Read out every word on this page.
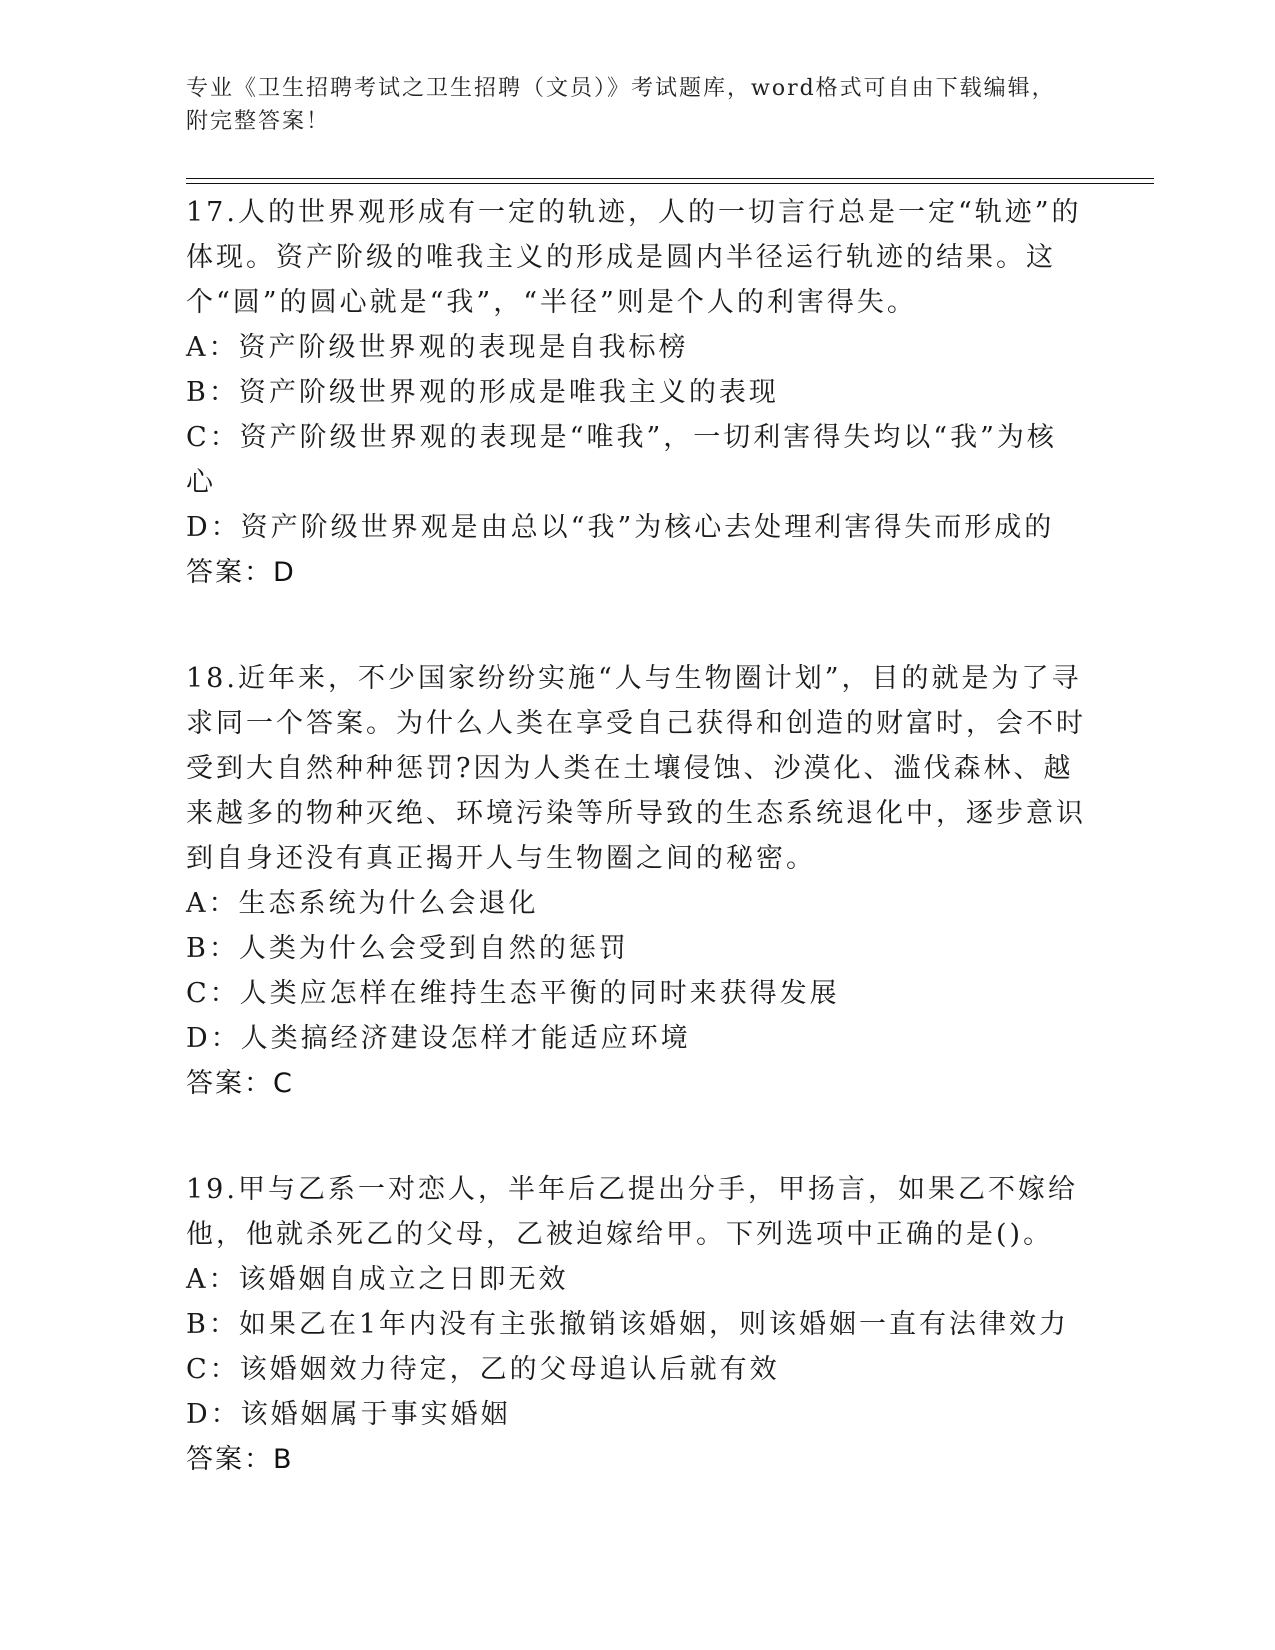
专业《卫生招聘考试之卫生招聘（文员）》考试题库，word格式可自由下载编辑，附完整答案！

17.人的世界观形成有一定的轨迹，人的一切言行总是一定“轨迹”的体现。资产阶级的唯我主义的形成是圆内半径运行轨迹的结果。这个“圆”的圆心就是“我”，“半径”则是个人的利害得失。

A：资产阶级世界观的表现是自我标榜

B：资产阶级世界观的形成是唯我主义的表现

C：资产阶级世界观的表现是“唯我”，一切利害得失均以“我”为核心

D：资产阶级世界观是由总以“我”为核心去处理利害得失而形成的

答案：D

18.近年来，不少国家纷纷实施“人与生物圈计划”，目的就是为了寻求同一个答案。为什么人类在享受自己获得和创造的财富时，会不时受到大自然种种惩罚?因为人类在土壤侵蚀、沙漠化、滥伐森林、越来越多的物种灭绝、环境污染等所导致的生态系统退化中，逐步意识到自身还没有真正揭开人与生物圈之间的秘密。

A：生态系统为什么会退化

B：人类为什么会受到自然的惩罚

C：人类应怎样在维持生态平衡的同时来获得发展

D：人类搞经济建设怎样才能适应环境

答案：C

19.甲与乙系一对恋人，半年后乙提出分手，甲扬言，如果乙不嫁给他，他就杀死乙的父母，乙被迫嫁给甲。下列选项中正确的是()。

A：该婚姻自成立之日即无效

B：如果乙在1年内没有主张撤销该婚姻，则该婚姻一直有法律效力

C：该婚姻效力待定，乙的父母追认后就有效

D：该婚姻属于事实婚姻

答案：B
